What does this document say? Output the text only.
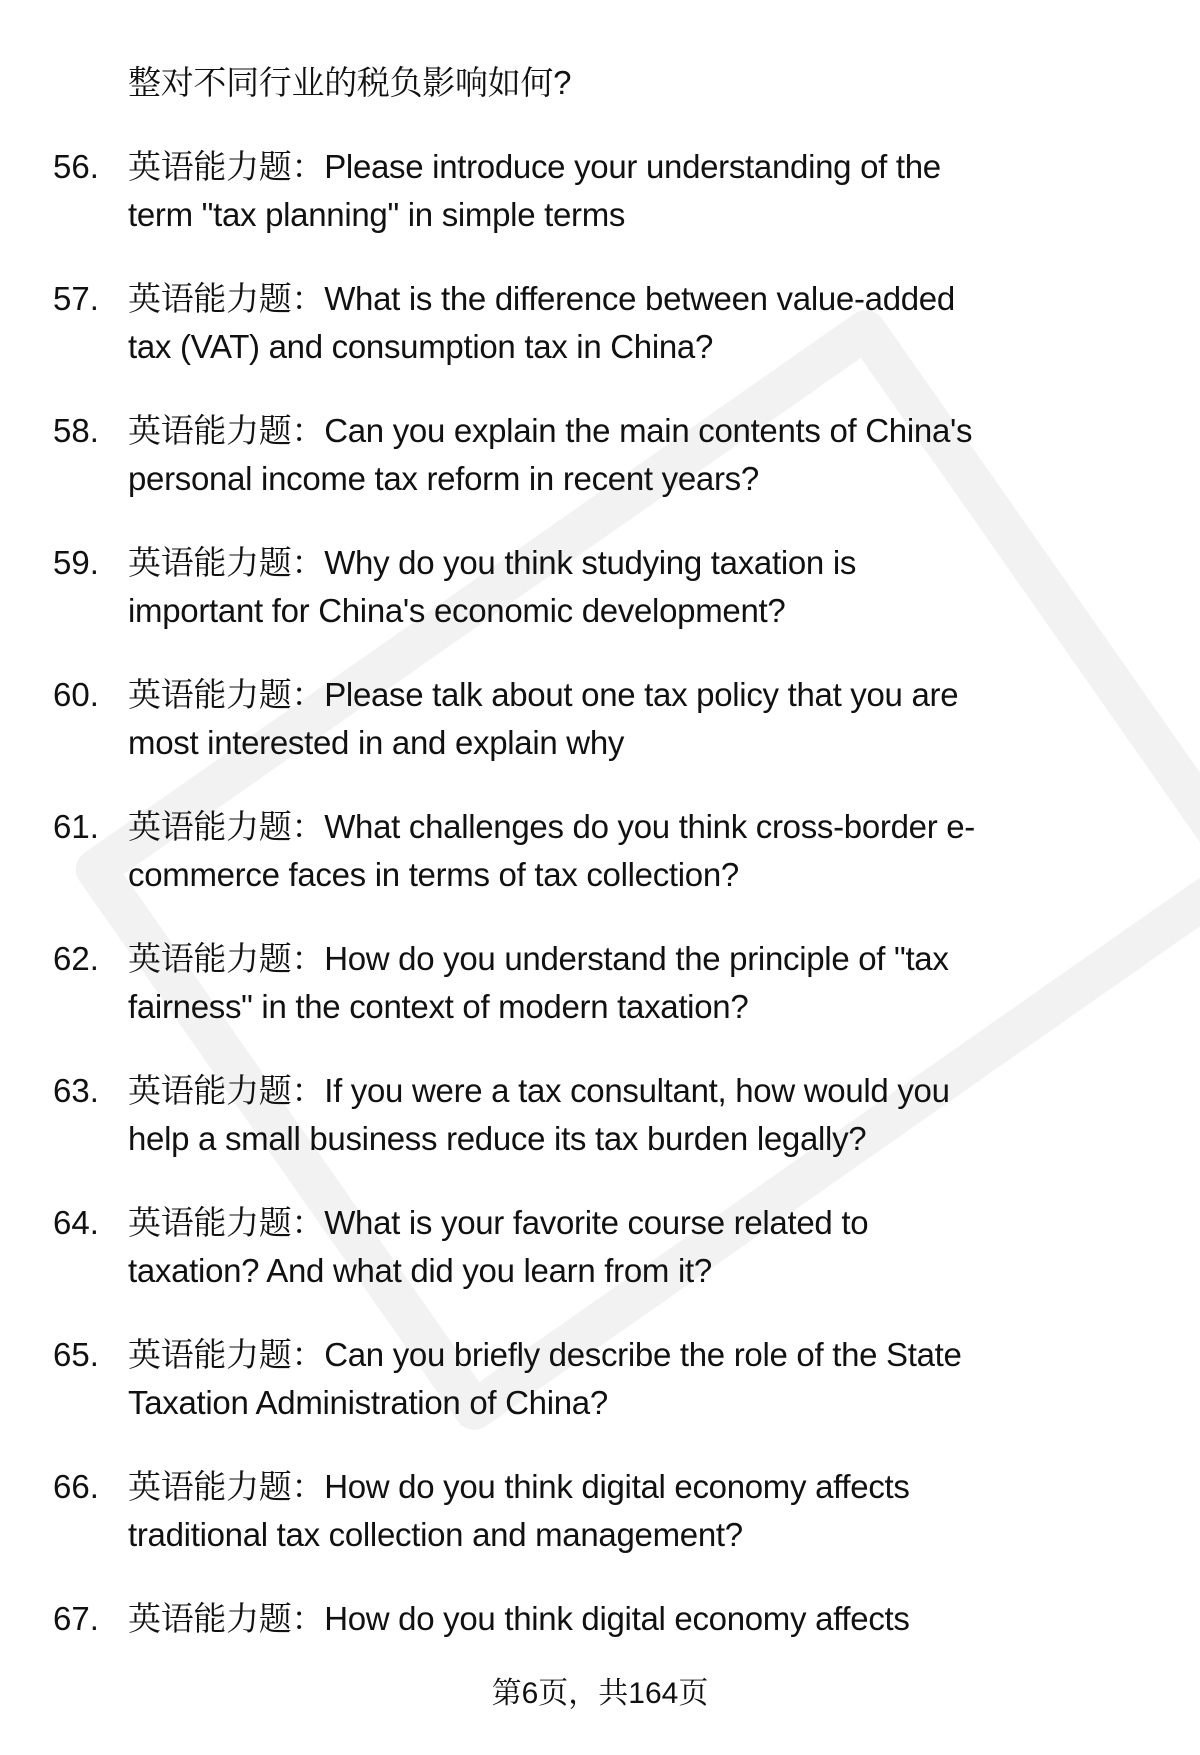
整对不同行业的税负影响如何?
56. 英语能力题：Please introduce your understanding of the
term "tax planning" in simple terms
57. 英语能力题：What is the difference between value-added
tax (VAT) and consumption tax in China?
58. 英语能力题：Can you explain the main contents of China's
personal income tax reform in recent years?
59. 英语能力题：Why do you think studying taxation is
important for China's economic development?
60. 英语能力题：Please talk about one tax policy that you are
most interested in and explain why
61. 英语能力题：What challenges do you think cross-border e-
commerce faces in terms of tax collection?
62. 英语能力题：How do you understand the principle of "tax
fairness" in the context of modern taxation?
63. 英语能力题：If you were a tax consultant, how would you
help a small business reduce its tax burden legally?
64. 英语能力题：What is your favorite course related to
taxation? And what did you learn from it?
65. 英语能力题：Can you briefly describe the role of the State
Taxation Administration of China?
66. 英语能力题：How do you think digital economy affects
traditional tax collection and management?
67. 英语能力题：How do you think digital economy affects
第6页，共164页
